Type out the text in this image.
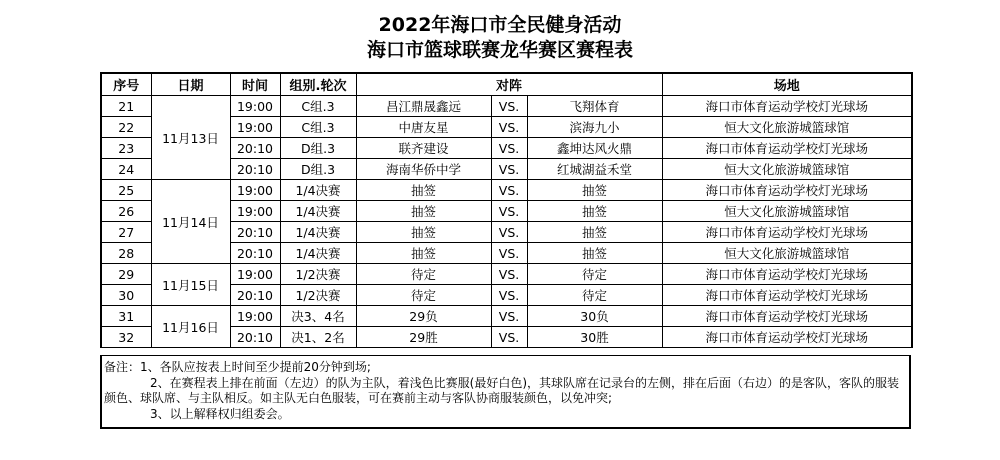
2022年海口市全民健身活动
海口市篮球联赛龙华赛区赛程表
序号	日期	时间	组别.轮次	对阵			场地
21	11月13日	19:00	C组.3	昌江鼎晟鑫远	VS.	飞翔体育	海口市体育运动学校灯光球场
22		19:00	C组.3	中唐友星	VS.	滨海九小	恒大文化旅游城篮球馆
23		20:10	D组.3	联齐建设	VS.	鑫坤达风火鼎	海口市体育运动学校灯光球场
24		20:10	D组.3	海南华侨中学	VS.	红城湖益禾堂	恒大文化旅游城篮球馆
25	11月14日	19:00	1/4决赛	抽签	VS.	抽签	海口市体育运动学校灯光球场
26		19:00	1/4决赛	抽签	VS.	抽签	恒大文化旅游城篮球馆
27		20:10	1/4决赛	抽签	VS.	抽签	海口市体育运动学校灯光球场
28		20:10	1/4决赛	抽签	VS.	抽签	恒大文化旅游城篮球馆
29	11月15日	19:00	1/2决赛	待定	VS.	待定	海口市体育运动学校灯光球场
30		20:10	1/2决赛	待定	VS.	待定	海口市体育运动学校灯光球场
31	11月16日	19:00	决3、4名	29负	VS.	30负	海口市体育运动学校灯光球场
32		20:10	决1、2名	29胜	VS.	30胜	海口市体育运动学校灯光球场

备注：1、各队应按表上时间至少提前20分钟到场;

2、在赛程表上排在前面（左边）的队为主队，着浅色比赛服(最好白色)，其球队席在记录台的左侧，排在后面（右边）的是客队，客队的服装颜色、球队席、与主队相反。如主队无白色服装，可在赛前主动与客队协商服装颜色，以免冲突;

3、以上解释权归组委会。
